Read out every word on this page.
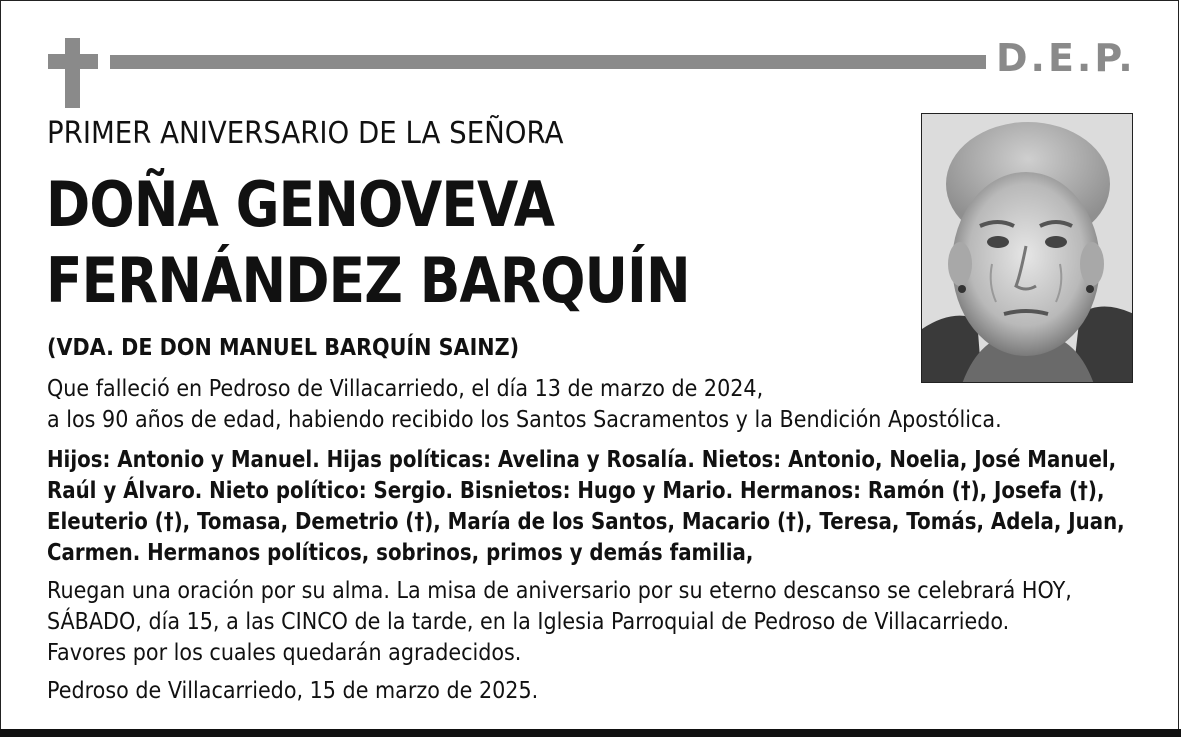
D.E.P.
PRIMER ANIVERSARIO DE LA SEÑORA
DOÑA GENOVEVA
FERNÁNDEZ BARQUÍN
(VDA. DE DON MANUEL BARQUÍN SAINZ)
Que falleció en Pedroso de Villacarriedo, el día 13 de marzo de 2024,
a los 90 años de edad, habiendo recibido los Santos Sacramentos y la Bendición Apostólica.
Hijos: Antonio y Manuel. Hijas políticas: Avelina y Rosalía. Nietos: Antonio, Noelia, José Manuel,
Raúl y Álvaro. Nieto político: Sergio. Bisnietos: Hugo y Mario. Hermanos: Ramón (†), Josefa (†),
Eleuterio (†), Tomasa, Demetrio (†), María de los Santos, Macario (†), Teresa, Tomás, Adela, Juan,
Carmen. Hermanos políticos, sobrinos, primos y demás familia,
Ruegan una oración por su alma. La misa de aniversario por su eterno descanso se celebrará HOY,
SÁBADO, día 15, a las CINCO de la tarde, en la Iglesia Parroquial de Pedroso de Villacarriedo.
Favores por los cuales quedarán agradecidos.
Pedroso de Villacarriedo, 15 de marzo de 2025.
